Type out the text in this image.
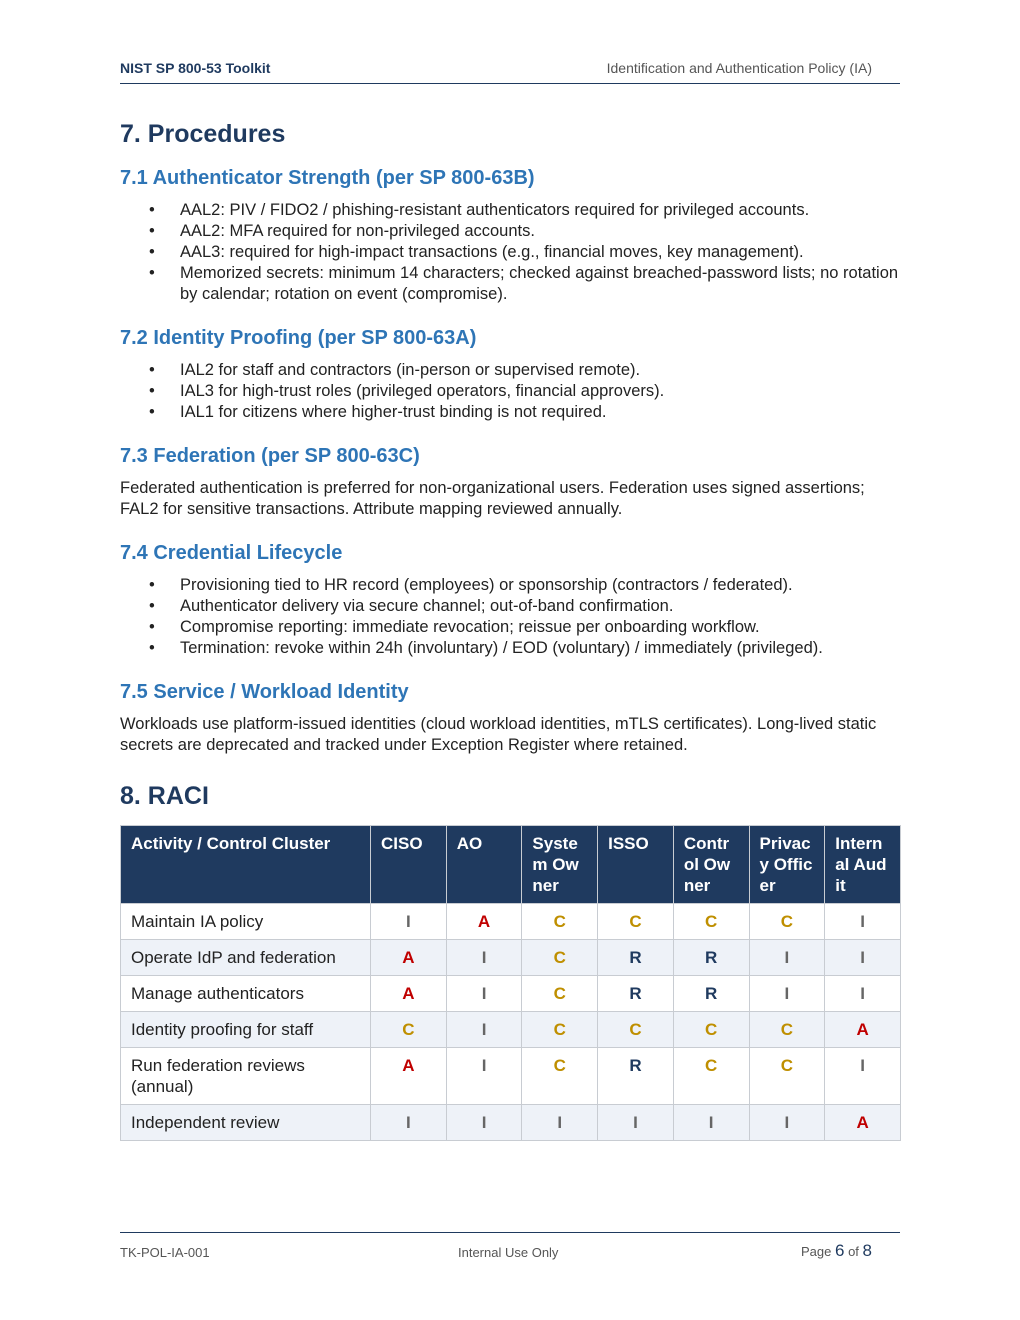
NIST SP 800-53 Toolkit	Identification and Authentication Policy (IA)
7. Procedures
7.1 Authenticator Strength (per SP 800-63B)
• AAL2: PIV / FIDO2 / phishing-resistant authenticators required for privileged accounts.
• AAL2: MFA required for non-privileged accounts.
• AAL3: required for high-impact transactions (e.g., financial moves, key management).
• Memorized secrets: minimum 14 characters; checked against breached-password lists; no rotation by calendar; rotation on event (compromise).
7.2 Identity Proofing (per SP 800-63A)
• IAL2 for staff and contractors (in-person or supervised remote).
• IAL3 for high-trust roles (privileged operators, financial approvers).
• IAL1 for citizens where higher-trust binding is not required.
7.3 Federation (per SP 800-63C)

Federated authentication is preferred for non-organizational users. Federation uses signed assertions; FAL2 for sensitive transactions. Attribute mapping reviewed annually.

7.4 Credential Lifecycle
• Provisioning tied to HR record (employees) or sponsorship (contractors / federated).
• Authenticator delivery via secure channel; out-of-band confirmation.
• Compromise reporting: immediate revocation; reissue per onboarding workflow.
• Termination: revoke within 24h (involuntary) / EOD (voluntary) / immediately (privileged).
7.5 Service / Workload Identity

Workloads use platform-issued identities (cloud workload identities, mTLS certificates). Long-lived static secrets are deprecated and tracked under Exception Register where retained.

8. RACI
Activity / Control Cluster	CISO	AO	System Owner	ISSO	Control Owner	Privacy Officer	Internal Audit
Maintain IA policy	I	A	C	C	C	C	I
Operate IdP and federation	A	I	C	R	R	I	I
Manage authenticators	A	I	C	R	R	I	I
Identity proofing for staff	C	I	C	C	C	C	A
Run federation reviews (annual)	A	I	C	R	C	C	I
Independent review	I	I	I	I	I	I	A
TK-POL-IA-001	Internal Use Only	Page 6 of 8
